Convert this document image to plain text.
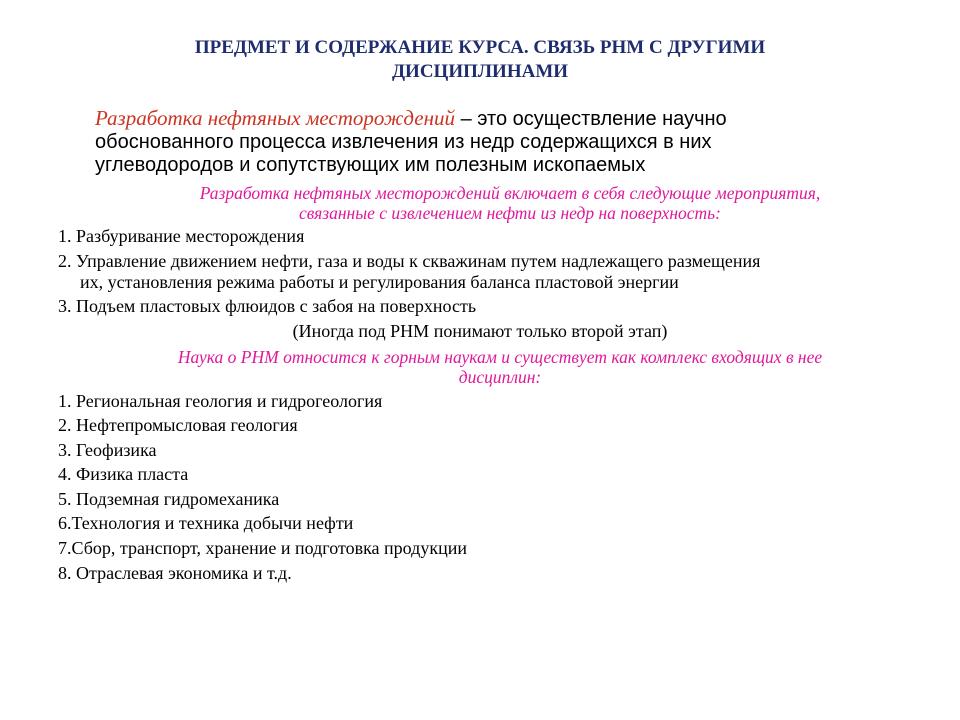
ПРЕДМЕТ И СОДЕРЖАНИЕ КУРСА. СВЯЗЬ РНМ С ДРУГИМИ
ДИСЦИПЛИНАМИ
Разработка нефтяных месторождений – это осуществление научно
обоснованного процесса извлечения из недр содержащихся в них
углеводородов и сопутствующих им полезным ископаемых
Разработка нефтяных месторождений включает в себя следующие мероприятия,
связанные с извлечением нефти из недр на поверхность:
1. Разбуривание месторождения
2. Управление движением нефти, газа и воды к скважинам путем надлежащего размещения
их, установления режима работы и регулирования баланса пластовой энергии
3. Подъем пластовых флюидов с забоя на поверхность
(Иногда под РНМ понимают только второй этап)
Наука о РНМ относится к горным наукам и существует как комплекс входящих в нее
дисциплин:
1. Региональная геология и гидрогеология
2. Нефтепромысловая геология
3. Геофизика
4. Физика пласта
5. Подземная гидромеханика
6.Технология и техника добычи нефти
7.Сбор, транспорт, хранение и подготовка продукции
8. Отраслевая экономика и т.д.
